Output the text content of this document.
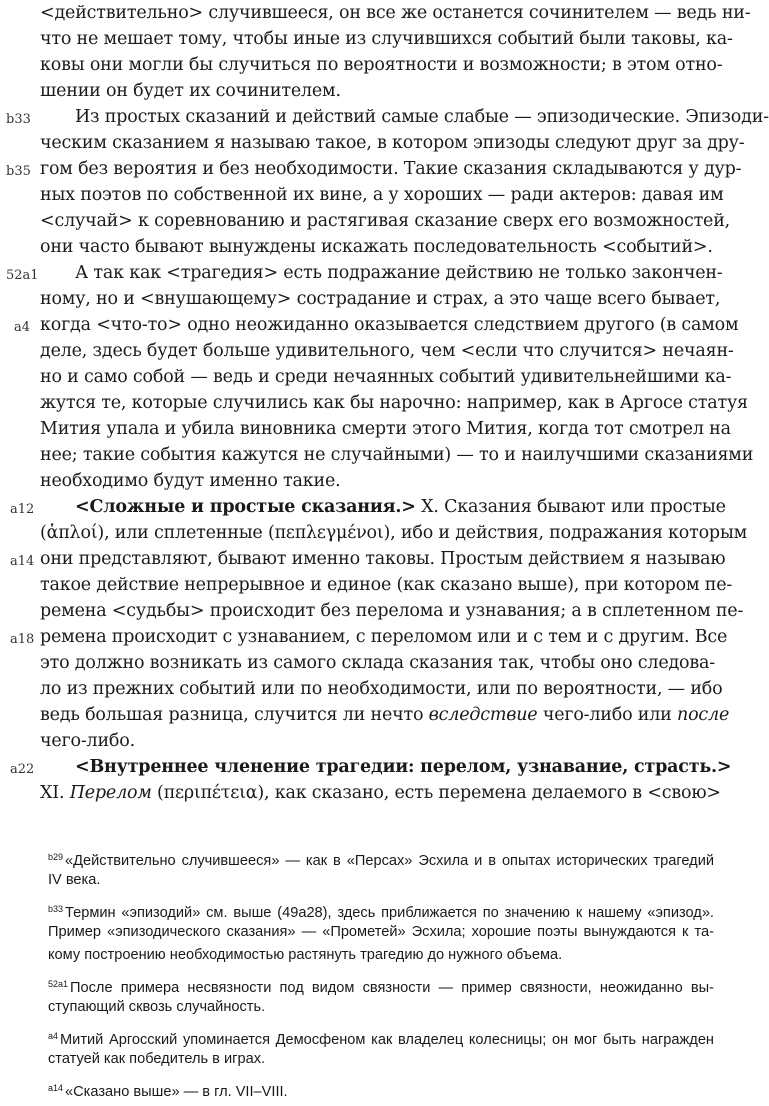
<действительно> случившееся, он все же останется сочинителем — ведь ни-
что не мешает тому, чтобы иные из случившихся событий были таковы, ка-
ковы они могли бы случиться по вероятности и возможности; в этом отно-
шении он будет их сочинителем.
b33	Из простых сказаний и действий самые слабые — эпизодические. Эпизоди-
ческим сказанием я называю такое, в котором эпизоды следуют друг за дру-
b35 гом без вероятия и без необходимости. Такие сказания складываются у дур-
ных поэтов по собственной их вине, а у хороших — ради актеров: давая им
<случай> к соревнованию и растягивая сказание сверх его возможностей,
они часто бывают вынуждены искажать последовательность <событий>.
52a1 А так как <трагедия> есть подражание действию не только закончен-
ному, но и <внушающему> сострадание и страх, а это чаще всего бывает,
a4 когда <что-то> одно неожиданно оказывается следствием другого (в самом
деле, здесь будет больше удивительного, чем <если что случится> нечаян-
но и само собой — ведь и среди нечаянных событий удивительнейшими ка-
жутся те, которые случились как бы нарочно: например, как в Аргосе статуя
Мития упала и убила виновника смерти этого Мития, когда тот смотрел на
нее; такие события кажутся не случайными) — то и наилучшими сказаниями
необходимо будут именно такие.
a12 <Сложные и простые сказания.> X. Сказания бывают или простые
(ἁπλοί), или сплетенные (πεπλεγμένοι), ибо и действия, подражания которым
a14 они представляют, бывают именно таковы. Простым действием я называю
такое действие непрерывное и единое (как сказано выше), при котором пе-
ремена <судьбы> происходит без перелома и узнавания; а в сплетенном пе-
a18 ремена происходит с узнаванием, с переломом или и с тем и с другим. Все
это должно возникать из самого склада сказания так, чтобы оно следова-
ло из прежних событий или по необходимости, или по вероятности, — ибо
ведь большая разница, случится ли нечто вследствие чего-либо или после
чего-либо.
a22 <Внутреннее членение трагедии: перелом, узнавание, страсть.>
XI. Перелом (περιπέτεια), как сказано, есть перемена делаемого в <свою>
$^{b29}$ «Действительно случившееся» — как в «Персах» Эсхила и в опытах исторических трагедий
IV века.
$^{b33}$ Термин «эпизодий» см. выше (49a28), здесь приближается по значению к нашему «эпизод».
Пример «эпизодического сказания» — «Прометей» Эсхила; хорошие поэты вынуждаются к та-
кому построению необходимостью растянуть трагедию до нужного объема.
$^{52a1}$ После примера несвязности под видом связности — пример связности, неожиданно вы-
ступающий сквозь случайность.
$^{a4}$ Митий Аргосский упоминается Демосфеном как владелец колесницы; он мог быть награжден
статуей как победитель в играх.
$^{a14}$ «Сказано выше» — в гл. VII–VIII.
